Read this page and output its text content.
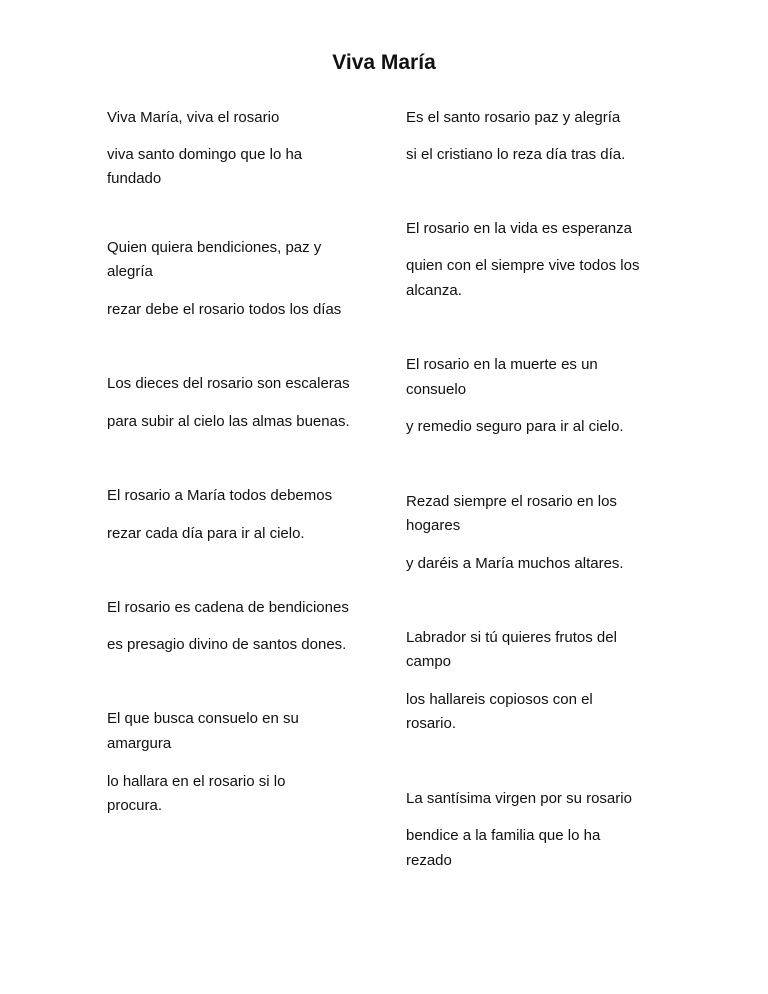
Viva María

Viva María, viva el rosario

viva santo domingo que lo ha

fundado

Quien quiera bendiciones, paz y

alegría

rezar debe el rosario todos los días

Los dieces del rosario son escaleras

para subir al cielo las almas buenas.

El rosario a María todos debemos

rezar cada día para ir al cielo.

El rosario es cadena de bendiciones

es presagio divino de santos dones.

El que busca consuelo en su

amargura

lo hallara en el rosario si lo

procura.

Es el santo rosario paz y alegría

si el cristiano lo reza día tras día.

El rosario en la vida es esperanza

quien con el siempre vive todos los

alcanza.

El rosario en la muerte es un

consuelo

y remedio seguro para ir al cielo.

Rezad siempre el rosario en los

hogares

y daréis a María muchos altares.

Labrador si tú quieres frutos del

campo

los hallareis copiosos con el

rosario.

La santísima virgen por su rosario

bendice a la familia que lo ha

rezado
